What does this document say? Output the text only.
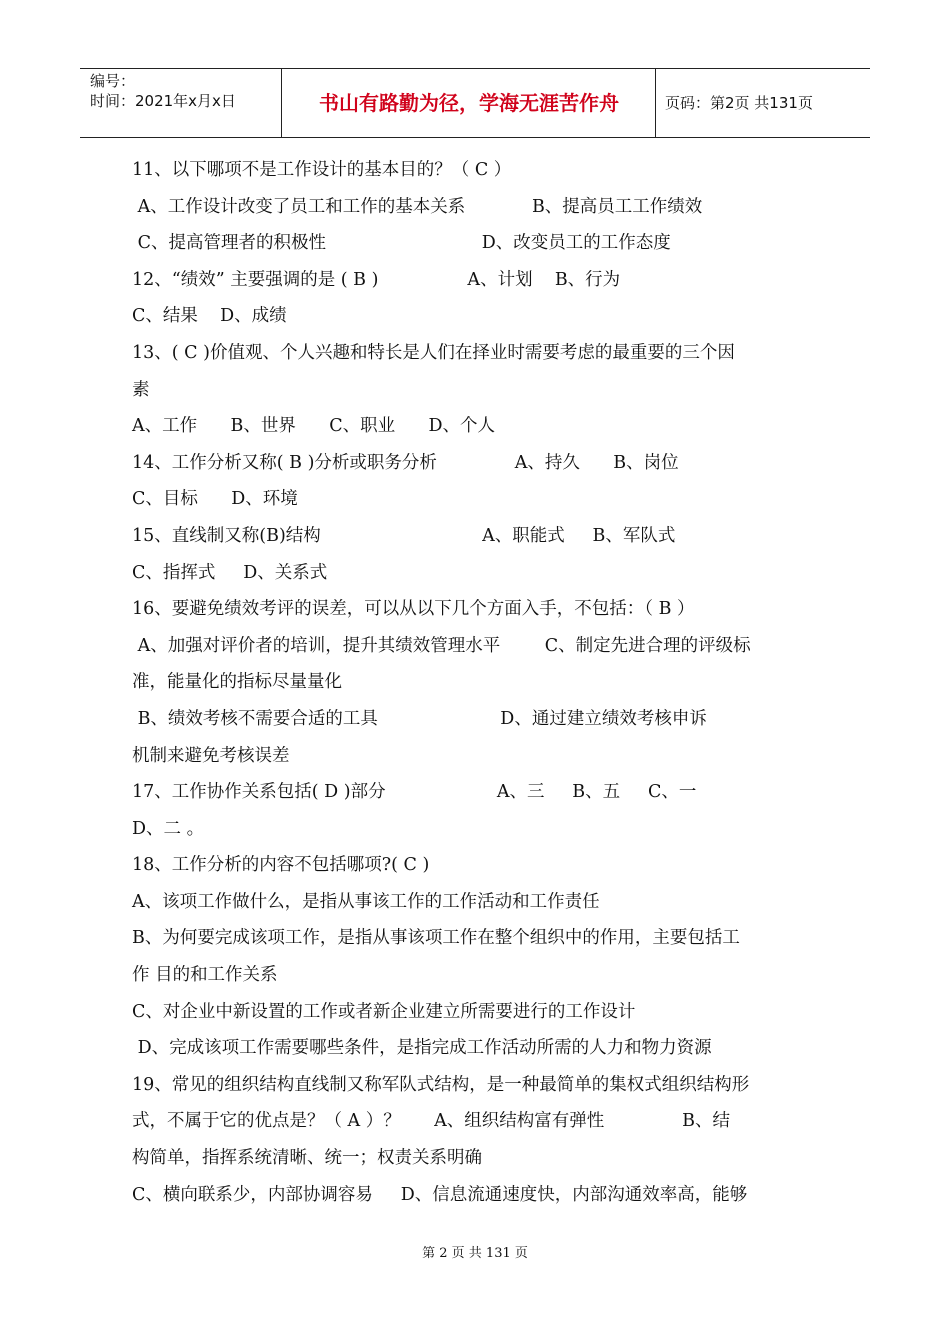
编号：
时间：2021年x月x日	书山有路勤为径，学海无涯苦作舟	页码：第2页 共131页
11、以下哪项不是工作设计的基本目的？（ C ）
A、工作设计改变了员工和工作的基本关系            B、提高员工工作绩效
C、提高管理者的积极性                            D、改变员工的工作态度
12、“绩效” 主要强调的是 ( B )                A、计划    B、行为
C、结果    D、成绩
13、( C )价值观、个人兴趣和特长是人们在择业时需要考虑的最重要的三个因
素
A、工作      B、世界      C、职业      D、个人
14、工作分析又称( B )分析或职务分析              A、持久      B、岗位
C、目标      D、环境
15、直线制又称(B)结构                             A、职能式     B、军队式
C、指挥式     D、关系式
16、要避免绩效考评的误差，可以从以下几个方面入手，不包括：（ B ）
A、加强对评价者的培训，提升其绩效管理水平        C、制定先进合理的评级标
准，能量化的指标尽量量化
B、绩效考核不需要合适的工具                      D、通过建立绩效考核申诉
机制来避免考核误差
17、工作协作关系包括( D )部分                    A、三     B、五     C、一
D、二 。
18、工作分析的内容不包括哪项?( C )
A、该项工作做什么，是指从事该工作的工作活动和工作责任
B、为何要完成该项工作，是指从事该项工作在整个组织中的作用，主要包括工
作 目的和工作关系
C、对企业中新设置的工作或者新企业建立所需要进行的工作设计
D、完成该项工作需要哪些条件，是指完成工作活动所需的人力和物力资源
19、常见的组织结构直线制又称军队式结构，是一种最简单的集权式组织结构形
式，不属于它的优点是？（ A ）？      A、组织结构富有弹性              B、结
构简单，指挥系统清晰、统一；权责关系明确
C、横向联系少，内部协调容易     D、信息流通速度快，内部沟通效率高，能够
第 2 页 共 131 页
